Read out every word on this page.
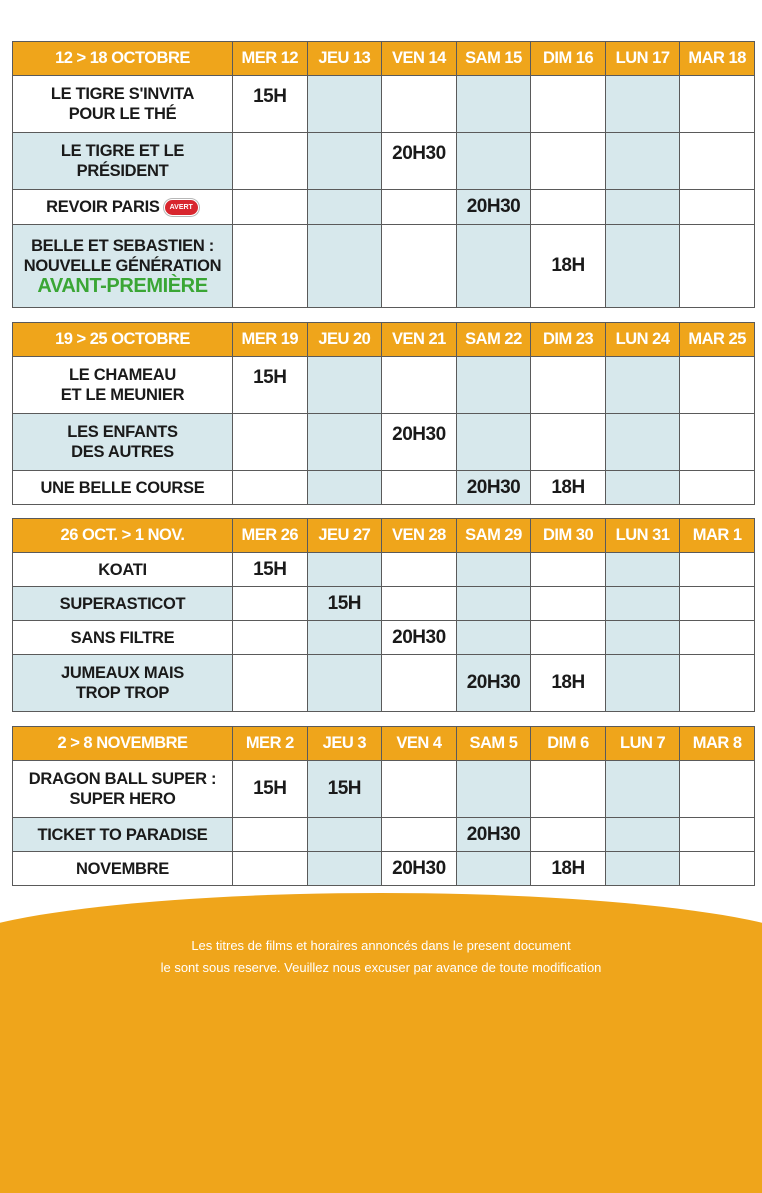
12 > 18 OCTOBRE	MER 12	JEU 13	VEN 14	SAM 15	DIM 16	LUN 17	MAR 18
LE TIGRE S'INVITA
POUR LE THÉ	15H						
LE TIGRE ET LE
PRÉSIDENT			20H30				
REVOIR PARIS AVERT				20H30			
BELLE ET SEBASTIEN :
NOUVELLE GÉNÉRATION
AVANT-PREMIÈRE					18H		
19 > 25 OCTOBRE	MER 19	JEU 20	VEN 21	SAM 22	DIM 23	LUN 24	MAR 25
LE CHAMEAU
ET LE MEUNIER	15H						
LES ENFANTS
DES AUTRES			20H30				
UNE BELLE COURSE				20H30	18H		
26 OCT. > 1 NOV.	MER 26	JEU 27	VEN 28	SAM 29	DIM 30	LUN 31	MAR 1
KOATI	15H						
SUPERASTICOT		15H					
SANS FILTRE			20H30				
JUMEAUX MAIS
TROP TROP				20H30	18H		
2 > 8 NOVEMBRE	MER 2	JEU 3	VEN 4	SAM 5	DIM 6	LUN 7	MAR 8
DRAGON BALL SUPER :
SUPER HERO	15H	15H					
TICKET TO PARADISE				20H30			
NOVEMBRE			20H30		18H		
Les titres de films et horaires annoncés dans le present document
le sont sous reserve. Veuillez nous excuser par avance de toute modification
